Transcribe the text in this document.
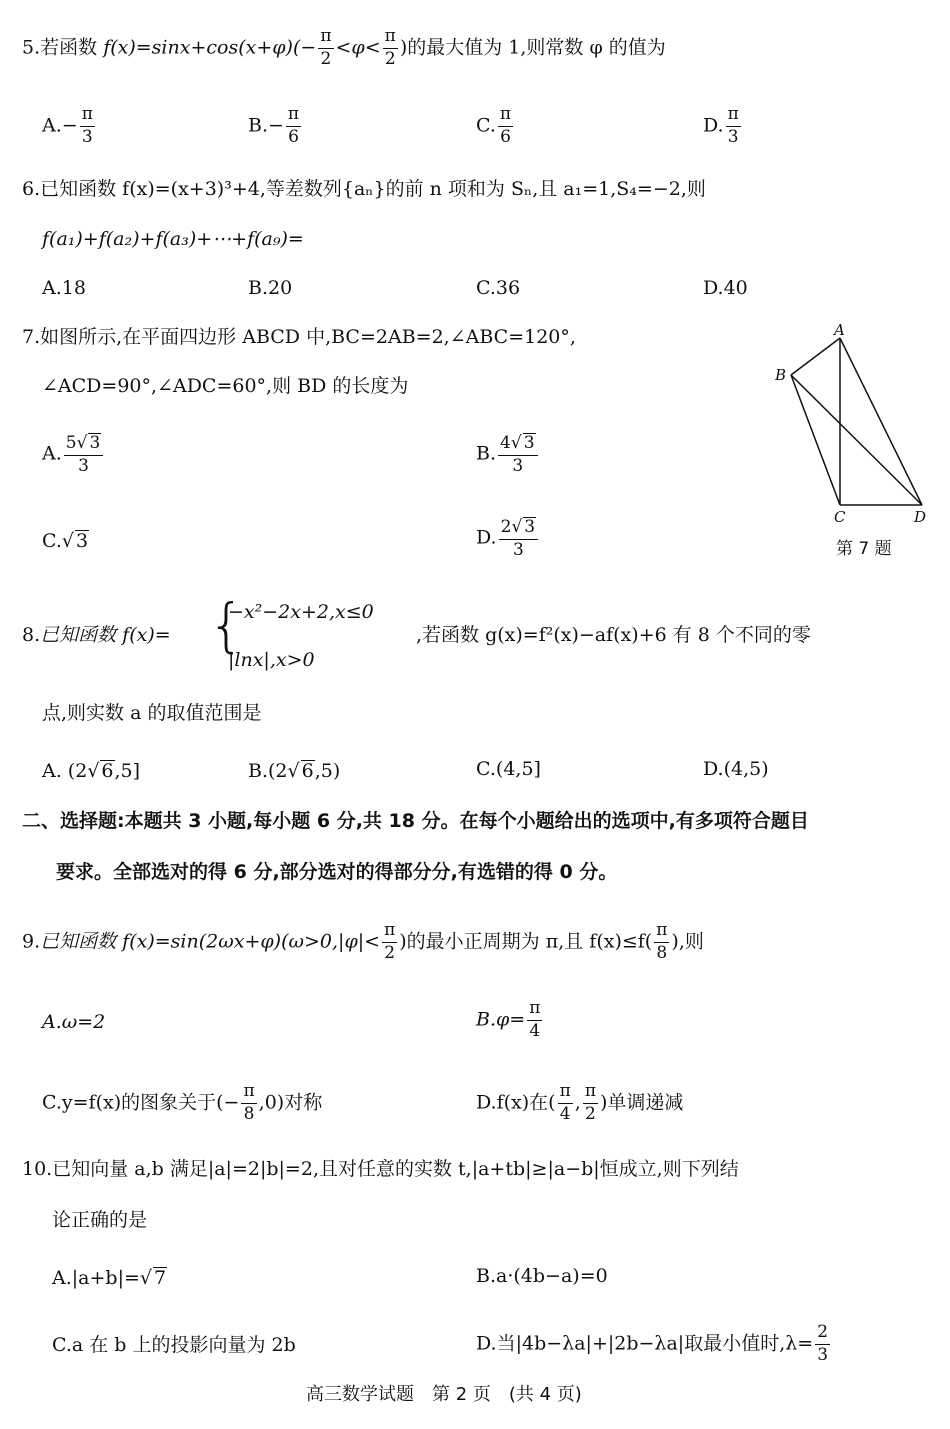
5.若函数 $f(x)=\sin x+\cos(x+\varphi)(- \frac{\pi}{2} <\varphi< \frac{\pi}{2}$ )的最大值为 1,则常数 φ 的值为
$A.- \frac{\pi}{3}$	$B.- \frac{\pi}{6}$	C. $\frac{\pi}{6}$	D. $\frac{\pi}{3}$
6.已知函数 f(x)=(x+3)³+4,等差数列{aₙ}的前 n 项和为 Sₙ,且 a₁=1,S₄=−2,则
f(a₁)+f(a₂)+f(a₃)+⋯+f(a₉)=
A.18	B.20	C.36	D.40
7.如图所示,在平面四边形 ABCD 中,BC=2AB=2,∠ABC=120°,
∠ACD=90°,∠ADC=60°,则 BD 的长度为
A. $\frac{5√ 3}{3}$	B. $\frac{4√ 3}{3}$
C.√ 3	D. $\frac{2√ 3}{3}$
A
B
C	D
第 7 题
8.已知函数 f(x)= {
−x²−2x+2,x≤0
|lnx|,x>0
,若函数 g(x)=f²(x)−af(x)+6 有 8 个不同的零
点,则实数 a 的取值范围是
A. (2√ 6,5]	B.(2√ 6,5)	C.(4,5]	D.(4,5)
二、选择题:本题共 3 小题,每小题 6 分,共 18 分。在每个小题给出的选项中,有多项符合题目
要求。全部选对的得 6 分,部分选对的得部分分,有选错的得 0 分。
9.已知函数 $f(x)=\sin(2\omega x+\varphi)(\omega>0,|\varphi|< \frac{\pi}{2}$ )的最小正周期为 π,且 $f(x)\le f( \frac{\pi}{8}$ ),则
A.ω=2	$B.\varphi= \frac{\pi}{4}$
C.y=f(x)的图象关于(− $\frac{\pi}{8} ,0$)对称	D.f(x)在( $\frac{\pi}{4}$ , $\frac{\pi}{2}$ )单调递减
10.已知向量 a,b 满足|a|=2|b|=2,且对任意的实数 t,|a+tb|≥|a−b|恒成立,则下列结
论正确的是
A.|a+b|=√ 7	B.a·(4b−a)=0
C.a 在 b 上的投影向量为 2b	D.当|4b−λa|+|2b−λa|取最小值时$,\lambda= \frac{2}{3}$
高三数学试题　第 2 页　(共 4 页)
